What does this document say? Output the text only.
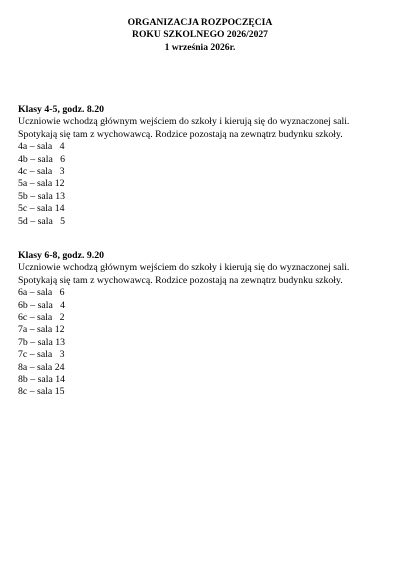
ORGANIZACJA ROZPOCZĘCIA
ROKU SZKOLNEGO 2026/2027
1 września 2026r.
Klasy 4-5, godz. 8.20

Uczniowie wchodzą głównym wejściem do szkoły i kierują się do wyznaczonej sali. Spotykają się tam z wychowawcą. Rodzice pozostają na zewnątrz budynku szkoły.

4a – sala   4
4b – sala   6
4c – sala   3
5a – sala 12
5b – sala 13
5c – sala 14
5d – sala   5
Klasy 6-8, godz. 9.20

Uczniowie wchodzą głównym wejściem do szkoły i kierują się do wyznaczonej sali. Spotykają się tam z wychowawcą. Rodzice pozostają na zewnątrz budynku szkoły.

6a – sala   6
6b – sala   4
6c – sala   2
7a – sala 12
7b – sala 13
7c – sala   3
8a – sala 24
8b – sala 14
8c – sala 15
